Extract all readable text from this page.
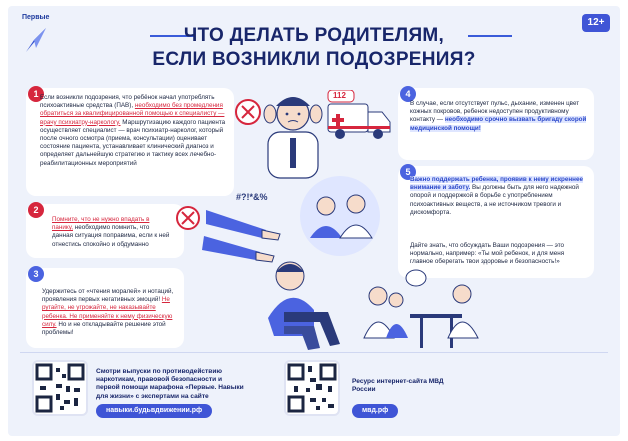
Первые
ЧТО ДЕЛАТЬ РОДИТЕЛЯМ,
ЕСЛИ ВОЗНИКЛИ ПОДОЗРЕНИЯ?
12+
1 Если возникли подозрения, что ребёнок начал употреблять психоактивные средства (ПАВ), необходимо без промедления обратиться за квалифицированной помощью к специалисту — врачу психиатру-наркологу. Маршрутизацию каждого пациента осуществляет специалист — врач психиатр-нарколог, который после очного осмотра (приема, консультации) оценивает состояние пациента, устанавливает клинический диагноз и определяет дальнейшую стратегию и тактику всех лечебно-реабилитационных мероприятий
2
Помните, что не нужно впадать в панику, необходимо помнить, что данная ситуация поправима, если к ней отнестись спокойно и обдуманно
3
Удержитесь от «чтения моралей» и нотаций, проявления первых негативных эмоций! Не ругайте, не угрожайте, не наказывайте ребенка. Не применяйте к нему физическую силу. Но и не откладывайте решение этой проблемы!
4
В случае, если отсутствует пульс, дыхание, изменен цвет кожных покровов, ребенок недоступен продуктивному контакту — необходимо срочно вызвать бригаду скорой медицинской помощи!
5
Важно поддержать ребенка, проявив к нему искреннее внимание и заботу. Вы должны быть для него надежной опорой и поддержкой в борьбе с употреблением психоактивных веществ, а не источником тревоги и дискомфорта.
Дайте знать, что обсуждать Ваши подозрения — это нормально, например: «Ты мой ребенок, и для меня главное оберегать твои здоровье и безопасность!»
112
#?!*&%
Смотри выпуски по противодействию наркотикам, правовой безопасности и первой помощи марафона «Первые. Навыки для жизни» с экспертами на сайте
навыки.будьвдвижении.рф
Ресурс интернет-сайта МВД России
мвд.рф
